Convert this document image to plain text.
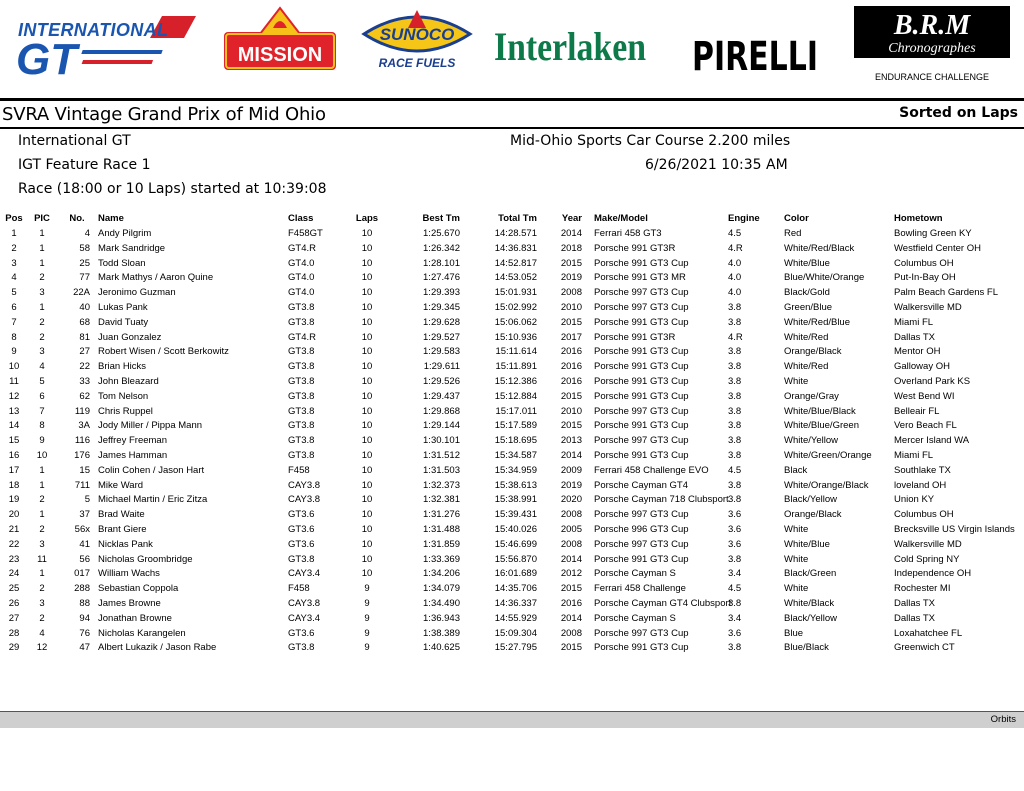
INTERNATIONAL
GT	MISSION
SUNOCO
RACE FUELS Interlaken PIRELLI
B.R.M
Chronographes
ENDURANCE CHALLENGE
SVRA Vintage Grand Prix of Mid Ohio	Sorted on Laps
International GT
IGT Feature Race 1
Race (18:00 or 10 Laps) started at 10:39:08
Mid-Ohio Sports Car Course 2.200 miles
6/26/2021 10:35 AM
Pos	PIC	No.	Name	Class	Laps	Best Tm	Total Tm	Year	Make/Model	Engine	Color	Hometown
1	1	4	Andy Pilgrim	F458GT	10	1:25.670	14:28.571	2014	Ferrari 458 GT3	4.5	Red	Bowling Green KY
2	1	58	Mark Sandridge	GT4.R	10	1:26.342	14:36.831	2018	Porsche 991 GT3R	4.R	White/Red/Black	Westfield Center OH
3	1	25	Todd Sloan	GT4.0	10	1:28.101	14:52.817	2015	Porsche 991 GT3 Cup	4.0	White/Blue	Columbus OH
4	2	77	Mark Mathys / Aaron Quine	GT4.0	10	1:27.476	14:53.052	2019	Porsche 991 GT3 MR	4.0	Blue/White/Orange	Put-In-Bay OH
5	3	22A	Jeronimo Guzman	GT4.0	10	1:29.393	15:01.931	2008	Porsche 997 GT3 Cup	4.0	Black/Gold	Palm Beach Gardens FL
6	1	40	Lukas Pank	GT3.8	10	1:29.345	15:02.992	2010	Porsche 997 GT3 Cup	3.8	Green/Blue	Walkersville MD
7	2	68	David Tuaty	GT3.8	10	1:29.628	15:06.062	2015	Porsche 991 GT3 Cup	3.8	White/Red/Blue	Miami FL
8	2	81	Juan Gonzalez	GT4.R	10	1:29.527	15:10.936	2017	Porsche 991 GT3R	4.R	White/Red	Dallas TX
9	3	27	Robert Wisen / Scott Berkowitz	GT3.8	10	1:29.583	15:11.614	2016	Porsche 991 GT3 Cup	3.8	Orange/Black	Mentor OH
10	4	22	Brian Hicks	GT3.8	10	1:29.611	15:11.891	2016	Porsche 991 GT3 Cup	3.8	White/Red	Galloway OH
11	5	33	John Bleazard	GT3.8	10	1:29.526	15:12.386	2016	Porsche 991 GT3 Cup	3.8	White	Overland Park KS
12	6	62	Tom Nelson	GT3.8	10	1:29.437	15:12.884	2015	Porsche 991 GT3 Cup	3.8	Orange/Gray	West Bend WI
13	7	119	Chris Ruppel	GT3.8	10	1:29.868	15:17.011	2010	Porsche 997 GT3 Cup	3.8	White/Blue/Black	Belleair FL
14	8	3A	Jody Miller / Pippa Mann	GT3.8	10	1:29.144	15:17.589	2015	Porsche 991 GT3 Cup	3.8	White/Blue/Green	Vero Beach FL
15	9	116	Jeffrey Freeman	GT3.8	10	1:30.101	15:18.695	2013	Porsche 997 GT3 Cup	3.8	White/Yellow	Mercer Island WA
16	10	176	James Hamman	GT3.8	10	1:31.512	15:34.587	2014	Porsche 991 GT3 Cup	3.8	White/Green/Orange	Miami FL
17	1	15	Colin Cohen / Jason Hart	F458	10	1:31.503	15:34.959	2009	Ferrari 458 Challenge EVO	4.5	Black	Southlake TX
18	1	711	Mike Ward	CAY3.8	10	1:32.373	15:38.613	2019	Porsche Cayman GT4	3.8	White/Orange/Black	loveland OH
19	2	5	Michael Martin / Eric Zitza	CAY3.8	10	1:32.381	15:38.991	2020	Porsche Cayman 718 Clubsport	3.8	Black/Yellow	Union KY
20	1	37	Brad Waite	GT3.6	10	1:31.276	15:39.431	2008	Porsche 997 GT3 Cup	3.6	Orange/Black	Columbus OH
21	2	56x	Brant Giere	GT3.6	10	1:31.488	15:40.026	2005	Porsche 996 GT3 Cup	3.6	White	Brecksville US Virgin Islands
22	3	41	Nicklas Pank	GT3.6	10	1:31.859	15:46.699	2008	Porsche 997 GT3 Cup	3.6	White/Blue	Walkersville MD
23	11	56	Nicholas Groombridge	GT3.8	10	1:33.369	15:56.870	2014	Porsche 991 GT3 Cup	3.8	White	Cold Spring NY
24	1	017	William Wachs	CAY3.4	10	1:34.206	16:01.689	2012	Porsche Cayman S	3.4	Black/Green	Independence OH
25	2	288	Sebastian Coppola	F458	9	1:34.079	14:35.706	2015	Ferrari 458 Challenge	4.5	White	Rochester MI
26	3	88	James Browne	CAY3.8	9	1:34.490	14:36.337	2016	Porsche Cayman GT4 Clubsport	3.8	White/Black	Dallas TX
27	2	94	Jonathan Browne	CAY3.4	9	1:36.943	14:55.929	2014	Porsche Cayman S	3.4	Black/Yellow	Dallas TX
28	4	76	Nicholas Karangelen	GT3.6	9	1:38.389	15:09.304	2008	Porsche 997 GT3 Cup	3.6	Blue	Loxahatchee FL
29	12	47	Albert Lukazik / Jason Rabe	GT3.8	9	1:40.625	15:27.795	2015	Porsche 991 GT3 Cup	3.8	Blue/Black	Greenwich CT
Orbits
